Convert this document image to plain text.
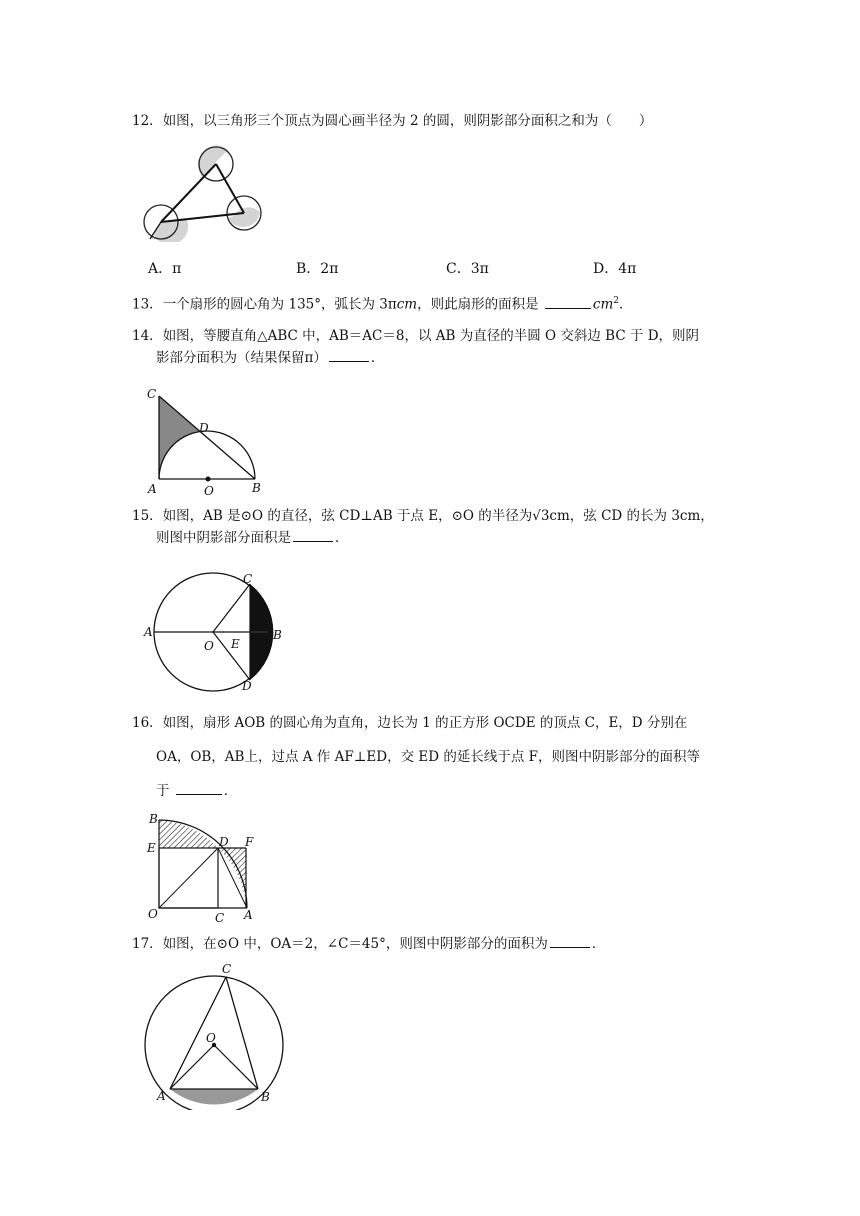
12．如图，以三角形三个顶点为圆心画半径为 2 的圆，则阴影部分面积之和为（　　）
A．π	B．2π	C．3π	D．4π
13．一个扇形的圆心角为 135°，弧长为 3πcm，则此扇形的面积是	$cm^2$．
14．如图，等腰直角△ABC 中，AB＝AC＝8，以 AB 为直径的半圆 O 交斜边 BC 于 D，则阴
影部分面积为（结果保留π）	．
C
D
A	O	B
15．如图，AB 是⊙O 的直径，弦 CD⊥AB 于点 E，⊙O 的半径为√3cm，弦 CD 的长为 3cm，
则图中阴影部分面积是	．
C
A
O E
B
D
16．如图，扇形 AOB 的圆心角为直角，边长为 1 的正方形 OCDE 的顶点 C，E，D 分别在
OA，OB，AB上，过点 A 作 AF⊥ED，交 ED 的延长线于点 F，则图中阴影部分的面积等
于	．
B
D F
E
O	C A
17．如图，在⊙O 中，OA＝2，∠C＝45°，则图中阴影部分的面积为	．
C
O
A	B
